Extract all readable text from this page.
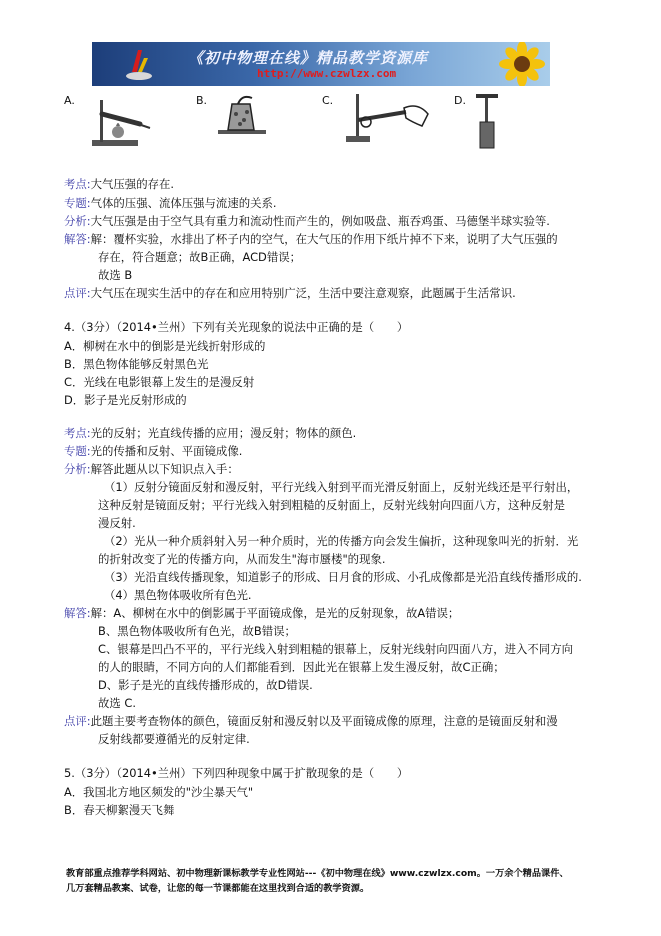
《初中物理在线》精品教学资源库
http://www.czwlzx.com
A.	B.	C.	D.
考点:大气压强的存在.
专题:气体的压强、流体压强与流速的关系.
分析:大气压强是由于空气具有重力和流动性而产生的，例如吸盘、瓶吞鸡蛋、马德堡半球实验等.
解答:解：覆杯实验，水排出了杯子内的空气，在大气压的作用下纸片掉不下来，说明了大气压强的
存在，符合题意；故B正确，ACD错误；
故选 B
点评:大气压在现实生活中的存在和应用特别广泛，生活中要注意观察，此题属于生活常识.
4.（3分）（2014•兰州）下列有关光现象的说法中正确的是（　　）
A．柳树在水中的倒影是光线折射形成的
B．黑色物体能够反射黑色光
C．光线在电影银幕上发生的是漫反射
D．影子是光反射形成的
考点:光的反射；光直线传播的应用；漫反射；物体的颜色.
专题:光的传播和反射、平面镜成像.
分析:解答此题从以下知识点入手：
（1）反射分镜面反射和漫反射，平行光线入射到平而光滑反射面上，反射光线还是平行射出，
这种反射是镜面反射；平行光线入射到粗糙的反射面上，反射光线射向四面八方，这种反射是
漫反射.
（2）光从一种介质斜射入另一种介质时，光的传播方向会发生偏折，这种现象叫光的折射．光
的折射改变了光的传播方向，从而发生"海市蜃楼"的现象.
（3）光沿直线传播现象，知道影子的形成、日月食的形成、小孔成像都是光沿直线传播形成的.
（4）黑色物体吸收所有色光.
解答:解：A、柳树在水中的倒影属于平面镜成像，是光的反射现象，故A错误；
B、黑色物体吸收所有色光，故B错误；
C、银幕是凹凸不平的，平行光线入射到粗糙的银幕上，反射光线射向四面八方，进入不同方向
的人的眼睛，不同方向的人们都能看到．因此光在银幕上发生漫反射，故C正确；
D、影子是光的直线传播形成的，故D错误.
故选 C.
点评:此题主要考查物体的颜色，镜面反射和漫反射以及平面镜成像的原理，注意的是镜面反射和漫
反射线都要遵循光的反射定律.
5.（3分）（2014•兰州）下列四种现象中属于扩散现象的是（　　）
A．我国北方地区频发的"沙尘暴天气"
B．春天柳絮漫天飞舞
教育部重点推荐学科网站、初中物理新课标教学专业性网站---《初中物理在线》www.czwlzx.com。一万余个精品课件、
几万套精品教案、试卷，让您的每一节课都能在这里找到合适的教学资源。
